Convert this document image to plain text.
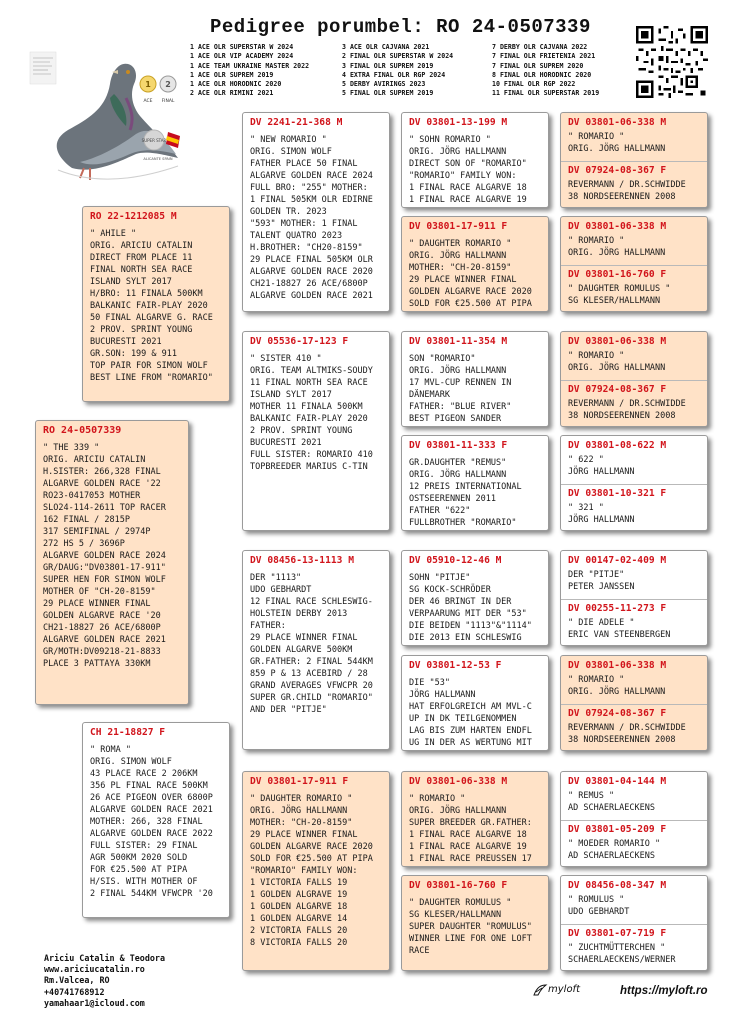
Pedigree porumbel: RO 24-0507339
1 ACE OLR SUPERSTAR W 2024
1 ACE OLR VIP ACADEMY 2024
1 ACE TEAM UKRAINE MASTER 2022
1 ACE OLR SUPREM 2019
1 ACE OLR HORODNIC 2020
2 ACE OLR RIMINI 2021
3 ACE OLR CAJVANA 2021
2 FINAL OLR SUPERSTAR W 2024
3 FINAL OLR SUPREM 2019
4 EXTRA FINAL OLR RGP 2024
5 DERBY AVIRINGS 2023
5 FINAL OLR SUPREM 2019
7 DERBY OLR CAJVANA 2022
7 FINAL OLR FRIETENIA 2021
7 FINAL OLR SUPREM 2020
8 FINAL OLR HORODNIC 2020
10 FINAL OLR RGP 2022
11 FINAL OLR SUPERSTAR 2019
1 2
ACE FINAL
SUPER STAR
ALICANTE SPAIN
RO 24-0507339
" THE 339 "
ORIG. ARICIU CATALIN
H.SISTER: 266,328 FINAL
ALGARVE GOLDEN RACE '22
RO23-0417053 MOTHER
SLO24-114-2611 TOP RACER
162 FINAL / 2815P
317 SEMIFINAL / 2974P
272 HS 5 / 3696P
ALGARVE GOLDEN RACE 2024
GR/DAUG:"DV03801-17-911"
SUPER HEN FOR SIMON WOLF
MOTHER OF "CH-20-8159"
29 PLACE WINNER FINAL
GOLDEN ALGARVE RACE '20
CH21-18827 26 ACE/6800P
ALGARVE GOLDEN RACE 2021
GR/MOTH:DV09218-21-8833
PLACE 3 PATTAYA 330KM
RO 22-1212085 M
" AHILE "
ORIG. ARICIU CATALIN
DIRECT FROM PLACE 11
FINAL NORTH SEA RACE
ISLAND SYLT 2017
H/BRO: 11 FINALA 500KM
BALKANIC FAIR-PLAY 2020
50 FINAL ALGARVE G. RACE
2 PROV. SPRINT YOUNG
BUCURESTI 2021
GR.SON: 199 & 911
TOP PAIR FOR SIMON WOLF
BEST LINE FROM "ROMARIO"
CH 21-18827 F
" ROMA "
ORIG. SIMON WOLF
43 PLACE RACE 2 206KM
356 PL FINAL RACE 500KM
26 ACE PIGEON OVER 6800P
ALGARVE GOLDEN RACE 2021
MOTHER: 266, 328 FINAL
ALGARVE GOLDEN RACE 2022
FULL SISTER: 29 FINAL
AGR 500KM 2020 SOLD
FOR €25.500 AT PIPA
H/SIS. WITH MOTHER OF
2 FINAL 544KM VFWCPR '20
DV 2241-21-368 M
" NEW ROMARIO "
ORIG. SIMON WOLF
FATHER PLACE 50 FINAL
ALGARVE GOLDEN RACE 2024
FULL BRO: "255" MOTHER:
1 FINAL 505KM OLR EDIRNE
GOLDEN TR. 2023
"593" MOTHER: 1 FINAL
TALENT QUATRO 2023
H.BROTHER: "CH20-8159"
29 PLACE FINAL 505KM OLR
ALGARVE GOLDEN RACE 2020
CH21-18827 26 ACE/6800P
ALGARVE GOLDEN RACE 2021
DV 05536-17-123 F
" SISTER 410 "
ORIG. TEAM ALTMIKS-SOUDY
11 FINAL NORTH SEA RACE
ISLAND SYLT 2017
MOTHER 11 FINALA 500KM
BALKANIC FAIR-PLAY 2020
2 PROV. SPRINT YOUNG
BUCURESTI 2021
FULL SISTER: ROMARIO 410
TOPBREEDER MARIUS C-TIN
DV 08456-13-1113 M
DER "1113"
UDO GEBHARDT
12 FINAL RACE SCHLESWIG-
HOLSTEIN DERBY 2013
FATHER:
29 PLACE WINNER FINAL
GOLDEN ALGARVE 500KM
GR.FATHER: 2 FINAL 544KM
859 P & 13 ACEBIRD / 28
GRAND AVERAGES VFWCPR 20
SUPER GR.CHILD "ROMARIO"
AND DER "PITJE"
DV 03801-17-911 F
" DAUGHTER ROMARIO "
ORIG. JÖRG HALLMANN
MOTHER: "CH-20-8159"
29 PLACE WINNER FINAL
GOLDEN ALGARVE RACE 2020
SOLD FOR €25.500 AT PIPA
"ROMARIO" FAMILY WON:
1 VICTORIA FALLS 19
1 GOLDEN ALGRAVE 19
1 GOLDEN ALGARVE 18
1 GOLDEN ALGARVE 14
2 VICTORIA FALLS 20
8 VICTORIA FALLS 20
DV 03801-13-199 M
" SOHN ROMARIO "
ORIG. JÖRG HALLMANN
DIRECT SON OF "ROMARIO"
"ROMARIO" FAMILY WON:
1 FINAL RACE ALGARVE 18
1 FINAL RACE ALGARVE 19
DV 03801-17-911 F
" DAUGHTER ROMARIO "
ORIG. JÖRG HALLMANN
MOTHER: "CH-20-8159"
29 PLACE WINNER FINAL
GOLDEN ALGARVE RACE 2020
SOLD FOR €25.500 AT PIPA
DV 03801-11-354 M
SON "ROMARIO"
ORIG. JÖRG HALLMANN
17 MVL-CUP RENNEN IN
DÄNEMARK
FATHER: "BLUE RIVER"
BEST PIGEON SANDER
DV 03801-11-333 F
GR.DAUGHTER "REMUS"
ORIG. JÖRG HALLMANN
12 PREIS INTERNATIONAL
OSTSEERENNEN 2011
FATHER "622"
FULLBROTHER "ROMARIO"
DV 05910-12-46 M
SOHN "PITJE"
SG KOCK-SCHRÖDER
DER 46 BRINGT IN DER
VERPAARUNG MIT DER "53"
DIE BEIDEN "1113"&"1114"
DIE 2013 EIN SCHLESWIG
DV 03801-12-53 F
DIE "53"
JÖRG HALLMANN
HAT ERFOLGREICH AM MVL-C
UP IN DK TEILGENOMMEN
LAG BIS ZUM HARTEN ENDFL
UG IN DER AS WERTUNG MIT
DV 03801-06-338 M
" ROMARIO "
ORIG. JÖRG HALLMANN
SUPER BREEDER GR.FATHER:
1 FINAL RACE ALGARVE 18
1 FINAL RACE ALGARVE 19
1 FINAL RACE PREUSSEN 17
DV 03801-16-760 F
" DAUGHTER ROMULUS "
SG KLESER/HALLMANN
SUPER DAUGHTER "ROMULUS"
WINNER LINE FOR ONE LOFT
RACE
DV 03801-06-338 M
" ROMARIO "
ORIG. JÖRG HALLMANN
DV 07924-08-367 F
REVERMANN / DR.SCHWIDDE
38 NORDSEERENNEN 2008
DV 03801-06-338 M
" ROMARIO "
ORIG. JÖRG HALLMANN
DV 03801-16-760 F
" DAUGHTER ROMULUS "
SG KLESER/HALLMANN
DV 03801-06-338 M
" ROMARIO "
ORIG. JÖRG HALLMANN
DV 07924-08-367 F
REVERMANN / DR.SCHWIDDE
38 NORDSEERENNEN 2008
DV 03801-08-622 M
" 622 "
JÖRG HALLMANN
DV 03801-10-321 F
" 321 "
JÖRG HALLMANN
DV 00147-02-409 M
DER "PITJE"
PETER JANSSEN
DV 00255-11-273 F
" DIE ADELE "
ERIC VAN STEENBERGEN
DV 03801-06-338 M
" ROMARIO "
ORIG. JÖRG HALLMANN
DV 07924-08-367 F
REVERMANN / DR.SCHWIDDE
38 NORDSEERENNEN 2008
DV 03801-04-144 M
" REMUS "
AD SCHAERLAECKENS
DV 03801-05-209 F
" MOEDER ROMARIO "
AD SCHAERLAECKENS
DV 08456-08-347 M
" ROMULUS "
UDO GEBHARDT
DV 03801-07-719 F
" ZUCHTMÜTTERCHEN "
SCHAERLAECKENS/WERNER
Ariciu Catalin & Teodora
www.ariciucatalin.ro
Rm.Valcea, RO
+40741768912
yamahaar1@icloud.com
myloft	https://myloft.ro
